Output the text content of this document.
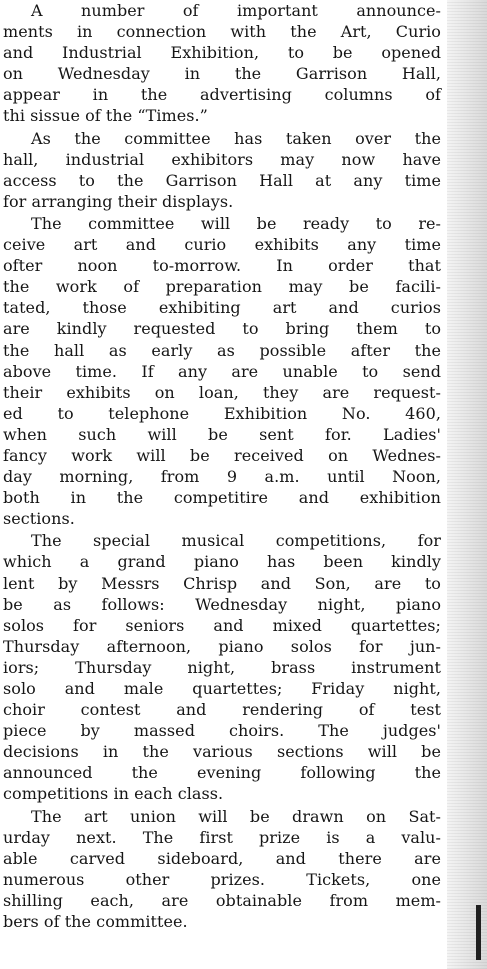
A number of important announce-
ments in connection with the Art, Curio
and Industrial Exhibition, to be opened
on Wednesday in the Garrison Hall,
appear in the advertising columns of
thi sissue of the “Times.”
As the committee has taken over the
hall, industrial exhibitors may now have
access to the Garrison Hall at any time
for arranging their displays.
The committee will be ready to re-
ceive art and curio exhibits any time
ofter noon to-morrow. In order that
the work of preparation may be facili-
tated, those exhibiting art and curios
are kindly requested to bring them to
the hall as early as possible after the
above time. If any are unable to send
their exhibits on loan, they are request-
ed to telephone Exhibition No. 460,
when such will be sent for. Ladies'
fancy work will be received on Wednes-
day morning, from 9 a.m. until Noon,
both in the competitire and exhibition
sections.
The special musical competitions, for
which a grand piano has been kindly
lent by Messrs Chrisp and Son, are to
be as follows: Wednesday night, piano
solos for seniors and mixed quartettes;
Thursday afternoon, piano solos for jun-
iors; Thursday night, brass instrument
solo and male quartettes; Friday night,
choir contest and rendering of test
piece by massed choirs. The judges'
decisions in the various sections will be
announced the evening following the
competitions in each class.
The art union will be drawn on Sat-
urday next. The first prize is a valu-
able carved sideboard, and there are
numerous other prizes. Tickets, one
shilling each, are obtainable from mem-
bers of the committee.
